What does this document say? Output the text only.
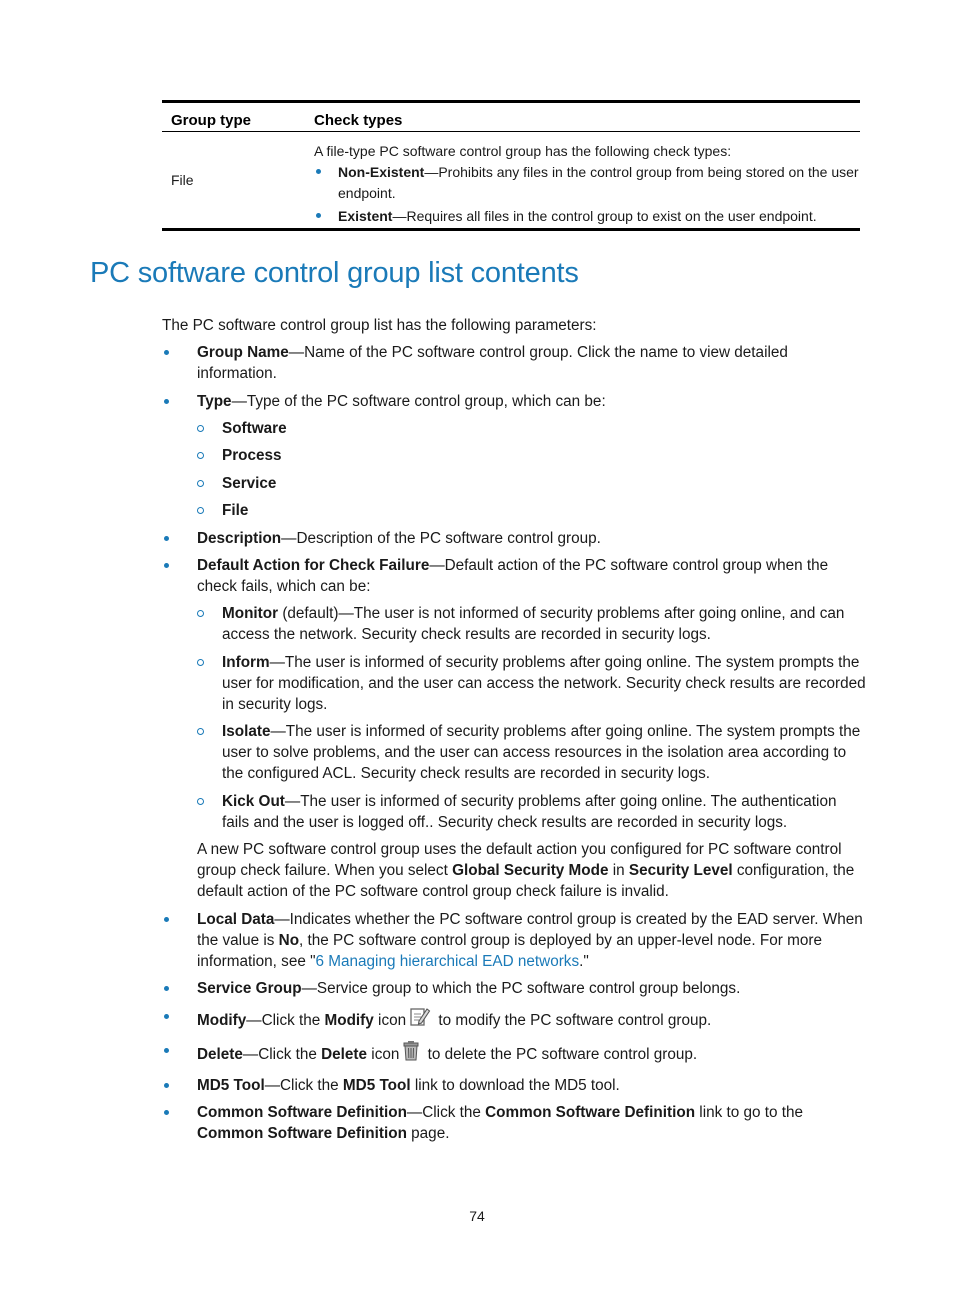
Group type	Check types
File
A file-type PC software control group has the following check types:
Non-Existent—Prohibits any files in the control group from being stored on the user endpoint.
Existent—Requires all files in the control group to exist on the user endpoint.
PC software control group list contents

The PC software control group list has the following parameters:

Group Name—Name of the PC software control group. Click the name to view detailed information.
Type—Type of the PC software control group, which can be:
Software
Process
Service
File
Description—Description of the PC software control group.
Default Action for Check Failure—Default action of the PC software control group when the check fails, which can be:
Monitor (default)—The user is not informed of security problems after going online, and can access the network. Security check results are recorded in security logs.
Inform—The user is informed of security problems after going online. The system prompts the user for modification, and the user can access the network. Security check results are recorded in security logs.
Isolate—The user is informed of security problems after going online. The system prompts the user to solve problems, and the user can access resources in the isolation area according to the configured ACL. Security check results are recorded in security logs.
Kick Out—The user is informed of security problems after going online. The authentication fails and the user is logged off.. Security check results are recorded in security logs.

A new PC software control group uses the default action you configured for PC software control group check failure. When you select Global Security Mode in Security Level configuration, the default action of the PC software control group check failure is invalid.

Local Data—Indicates whether the PC software control group is created by the EAD server. When the value is No, the PC software control group is deployed by an upper-level node. For more information, see "6 Managing hierarchical EAD networks."
Service Group—Service group to which the PC software control group belongs.
Modify—Click the Modify icon to modify the PC software control group.
Delete—Click the Delete icon to delete the PC software control group.
MD5 Tool—Click the MD5 Tool link to download the MD5 tool.
Common Software Definition—Click the Common Software Definition link to go to the Common Software Definition page.
74
